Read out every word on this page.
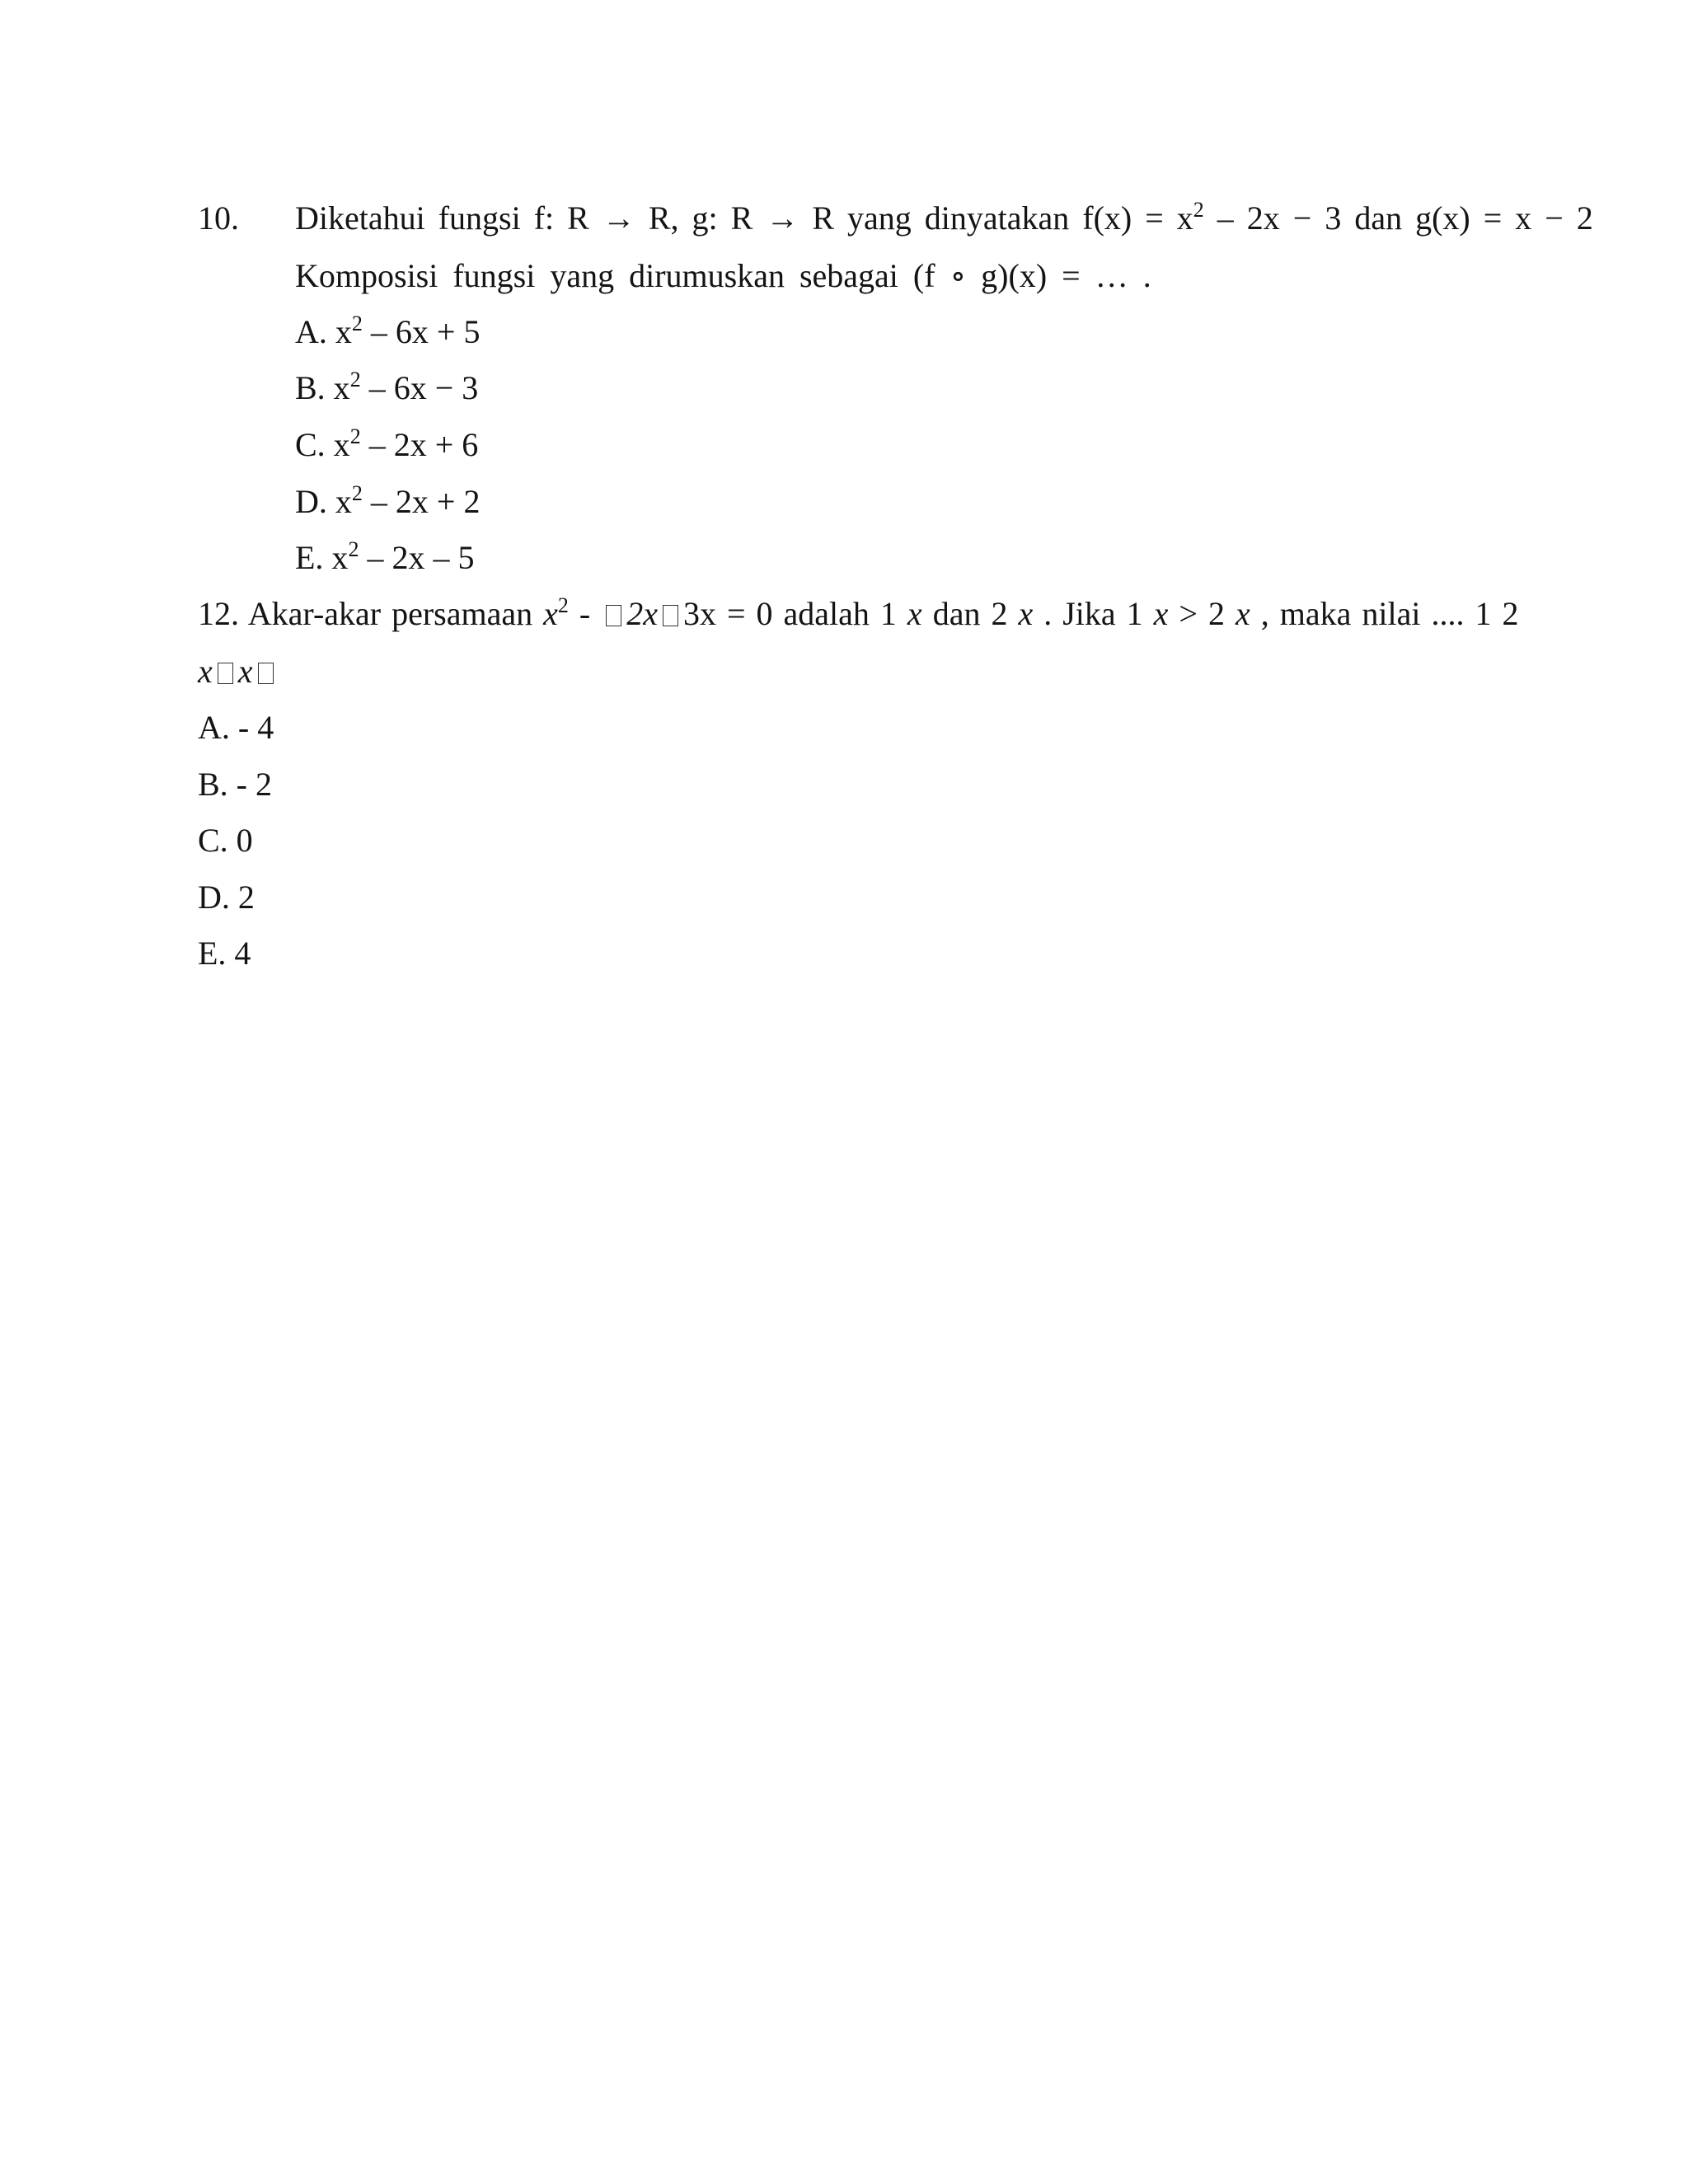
10. Diketahui fungsi f: R → R, g: R → R yang dinyatakan $f(x) = x^2 - 2x - 3$ dan g(x) = x − 2
Komposisi fungsi yang dirumuskan sebagai (f ∘ g)(x) = … .
A. $x^2 - 6x + 5$
B. $x^2 - 6x - 3$
C. $x^2 - 2x + 6$
D. $x^2 - 2x + 2$
E. $x^2 - 2x - 5$
12. Akar-akar persamaan $x^2 - 2x$ 3x = 0 adalah 1 x dan 2 x . Jika 1 x > 2 x , maka nilai .... 1 2
x x
A. - 4
B. - 2
C. 0
D. 2
E. 4
